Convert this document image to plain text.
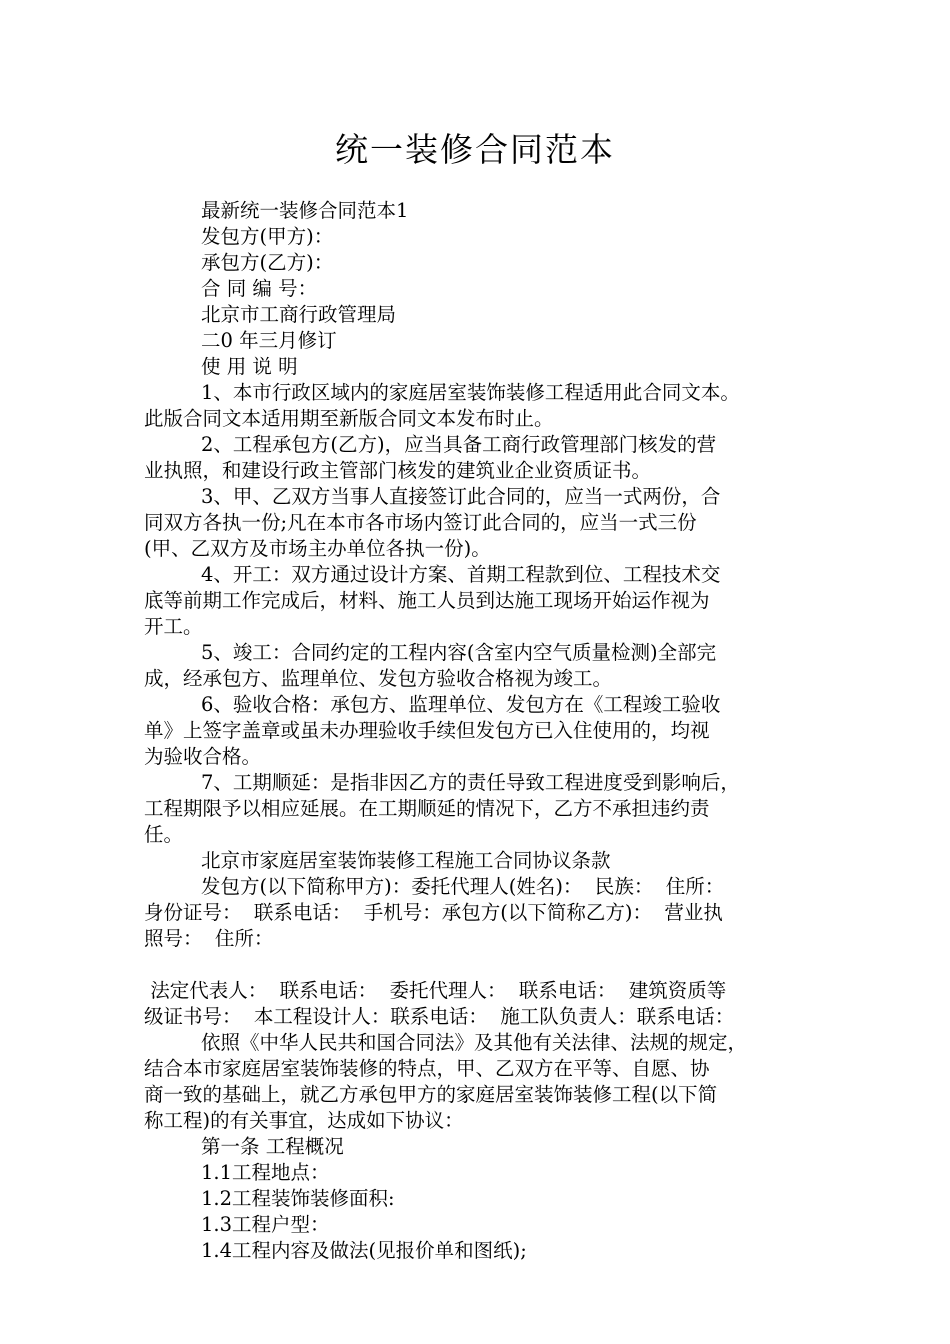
统一装修合同范本
最新统一装修合同范本1
发包方(甲方)：
承包方(乙方)：
合 同 编 号：
北京市工商行政管理局
二0 年三月修订
使 用 说 明
1、本市行政区域内的家庭居室装饰装修工程适用此合同文本。
此版合同文本适用期至新版合同文本发布时止。
2、工程承包方(乙方)，应当具备工商行政管理部门核发的营
业执照，和建设行政主管部门核发的建筑业企业资质证书。
3、甲、乙双方当事人直接签订此合同的，应当一式两份，合
同双方各执一份;凡在本市各市场内签订此合同的，应当一式三份
(甲、乙双方及市场主办单位各执一份)。
4、开工：双方通过设计方案、首期工程款到位、工程技术交
底等前期工作完成后，材料、施工人员到达施工现场开始运作视为
开工。
5、竣工：合同约定的工程内容(含室内空气质量检测)全部完
成，经承包方、监理单位、发包方验收合格视为竣工。
6、验收合格：承包方、监理单位、发包方在《工程竣工验收
单》上签字盖章或虽未办理验收手续但发包方已入住使用的，均视
为验收合格。
7、工期顺延：是指非因乙方的责任导致工程进度受到影响后，
工程期限予以相应延展。在工期顺延的情况下，乙方不承担违约责
任。
北京市家庭居室装饰装修工程施工合同协议条款
发包方(以下简称甲方)：委托代理人(姓名)：  民族：  住所：
身份证号：  联系电话：  手机号：承包方(以下简称乙方)：  营业执
照号：  住所：
法定代表人：  联系电话：  委托代理人：  联系电话：  建筑资质等
级证书号：  本工程设计人：联系电话：  施工队负责人：联系电话：
依照《中华人民共和国合同法》及其他有关法律、法规的规定，
结合本市家庭居室装饰装修的特点，甲、乙双方在平等、自愿、协
商一致的基础上，就乙方承包甲方的家庭居室装饰装修工程(以下简
称工程)的有关事宜，达成如下协议：
第一条 工程概况
1.1工程地点：
1.2工程装饰装修面积:
1.3工程户型：
1.4工程内容及做法(见报价单和图纸);
